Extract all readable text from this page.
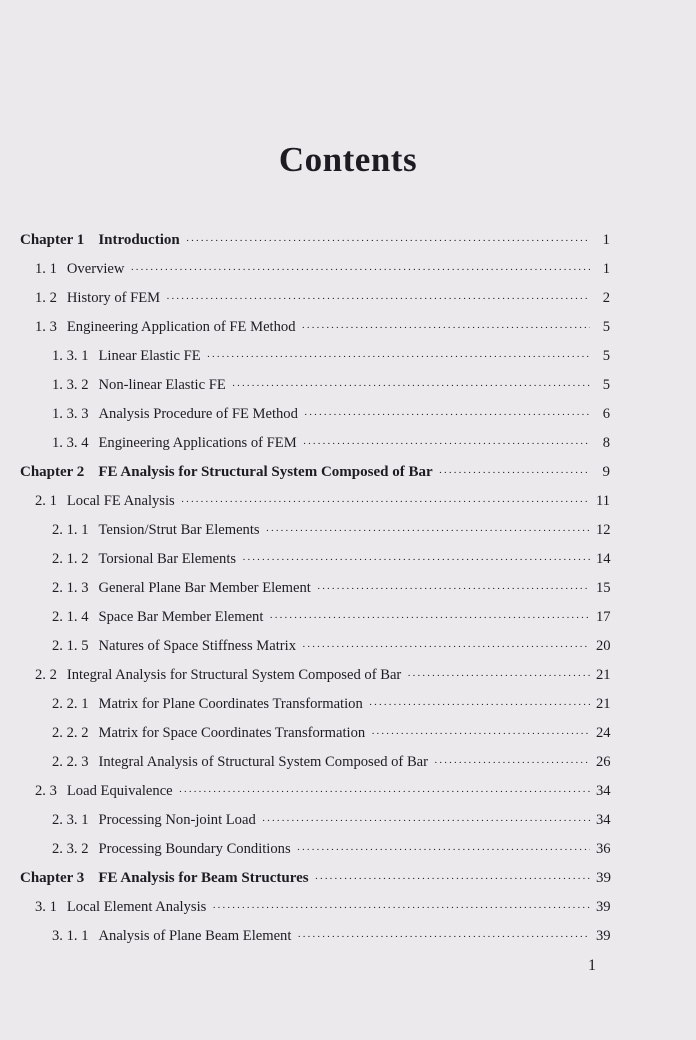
Contents
Chapter 1 Introduction ·····	1
1. 1 Overview ·····	1
1. 2 History of FEM ·····	2
1. 3 Engineering Application of FE Method ·····	5
1. 3. 1 Linear Elastic FE ·····	5
1. 3. 2 Non-linear Elastic FE ·····	5
1. 3. 3 Analysis Procedure of FE Method ·····	6
1. 3. 4 Engineering Applications of FEM ·····	8
Chapter 2 FE Analysis for Structural System Composed of Bar ·····	9
2. 1 Local FE Analysis ·····	11
2. 1. 1 Tension/Strut Bar Elements ·····	12
2. 1. 2 Torsional Bar Elements ·····	14
2. 1. 3 General Plane Bar Member Element ·····	15
2. 1. 4 Space Bar Member Element ·····	17
2. 1. 5 Natures of Space Stiffness Matrix ·····	20
2. 2 Integral Analysis for Structural System Composed of Bar ·····	21
2. 2. 1 Matrix for Plane Coordinates Transformation ·····	21
2. 2. 2 Matrix for Space Coordinates Transformation ·····	24
2. 2. 3 Integral Analysis of Structural System Composed of Bar ·····	26
2. 3 Load Equivalence ·····	34
2. 3. 1 Processing Non-joint Load ·····	34
2. 3. 2 Processing Boundary Conditions ·····	36
Chapter 3 FE Analysis for Beam Structures ·····	39
3. 1 Local Element Analysis ·····	39
3. 1. 1 Analysis of Plane Beam Element ·····	39
1
